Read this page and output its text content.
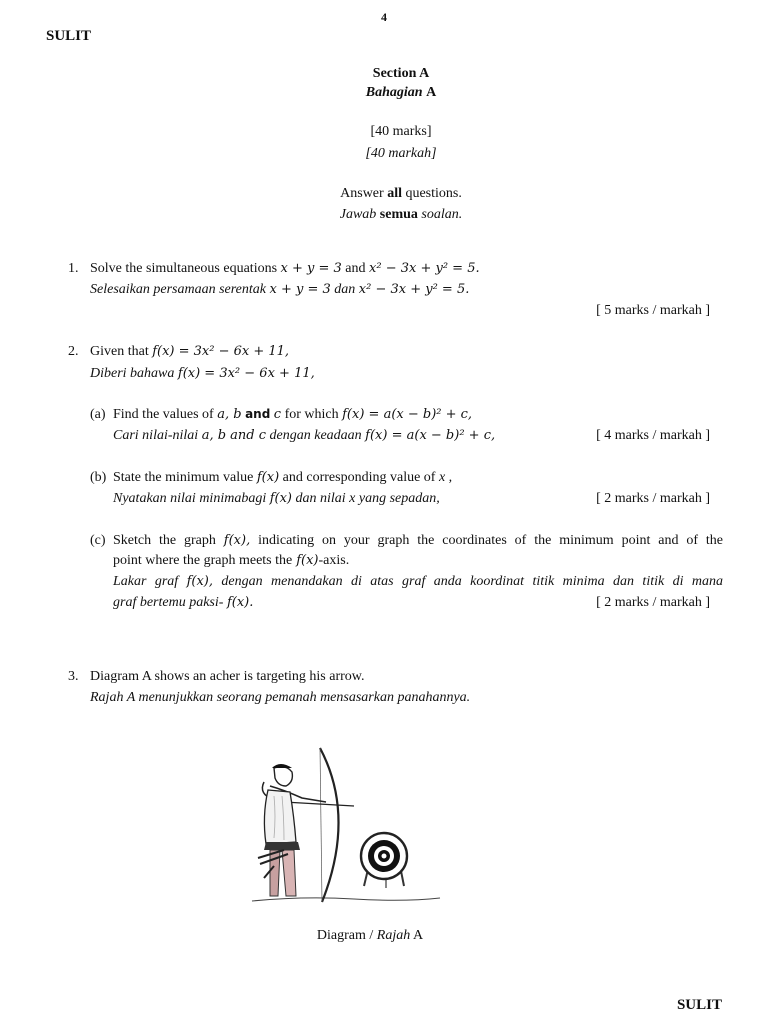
4
SULIT
SULIT
Section A
Bahagian A
[40 marks]
[40 markah]
Answer all questions.
Jawab semua soalan.
1. Solve the simultaneous equations x + y = 3 and x² − 3x + y² = 5.
Selesaikan persamaan serentak x + y = 3 dan x² − 3x + y² = 5.
[ 5 marks / markah ]
2. Given that f(x) = 3x² − 6x + 11,
Diberi bahawa f(x) = 3x² − 6x + 11,
(a) Find the values of a, b and c for which f(x) = a(x − b)² + c,
Cari nilai-nilai a, b and c dengan keadaan f(x) = a(x − b)² + c,	[ 4 marks / markah ]
(b) State the minimum value f(x) and corresponding value of x ,
Nyatakan nilai minimabagi f(x) dan nilai x yang sepadan,	[ 2 marks / markah ]
(c) Sketch the graph f(x), indicating on your graph the coordinates of the minimum point and of the
point where the graph meets the f(x)-axis.
Lakar graf f(x), dengan menandakan di atas graf anda koordinat titik minima dan titik di mana
graf bertemu paksi- f(x).	[ 2 marks / markah ]
3. Diagram A shows an acher is targeting his arrow.
Rajah A menunjukkan seorang pemanah mensasarkan panahannya.
Diagram / Rajah A
